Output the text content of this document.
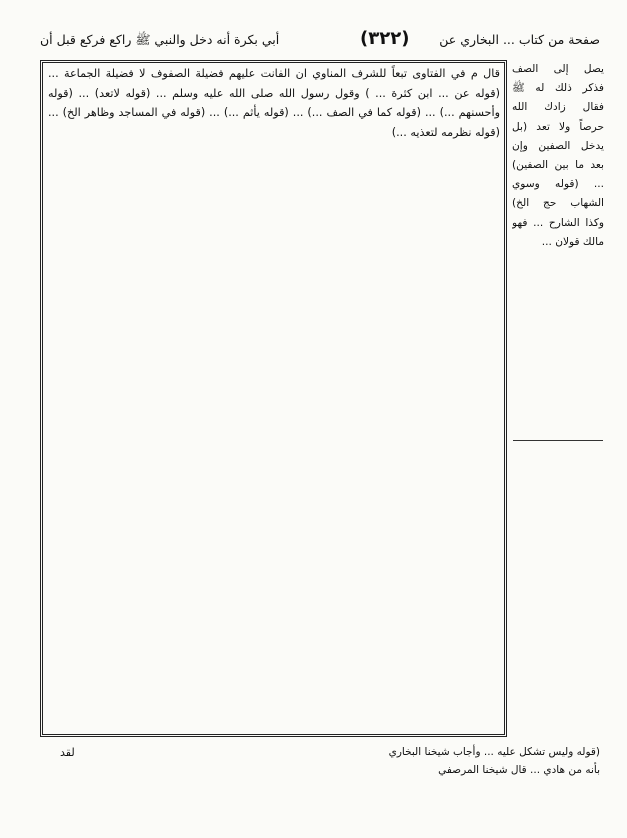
صفحة من كتاب ... البخاري عن
(٣٢٢)
أبي بكرة أنه دخل والنبي ﷺ راكع فركع قبل أن

قال م في الفتاوى تبعاً للشرف المناوي ان الفانت عليهم فضيلة الصفوف لا فضيلة الجماعة ... (قوله عن ... ابن كثرة ... ) وقول رسول الله صلى الله عليه وسلم ... (قوله لاتعد) ... (قوله وأحسنهم ...) ... (قوله كما في الصف ...) ... (قوله يأثم ...) ... (قوله في المساجد وظاهر الخ) ... (قوله نظرمه لتعذيه ...)

يصل إلى الصف فذكر ذلك له ﷺ فقال زادك الله حرصاً ولا تعد (بل يدخل الصفين وإن بعد ما بين الصفين) ... (قوله وسوي الشهاب حج الخ) وكذا الشارح ... فهو مالك قولان ...

(قوله وليس تشكل عليه ... وأجاب شيخنا البخاري
بأنه من هادي ... قال شيخنا المرصفي
لقد
